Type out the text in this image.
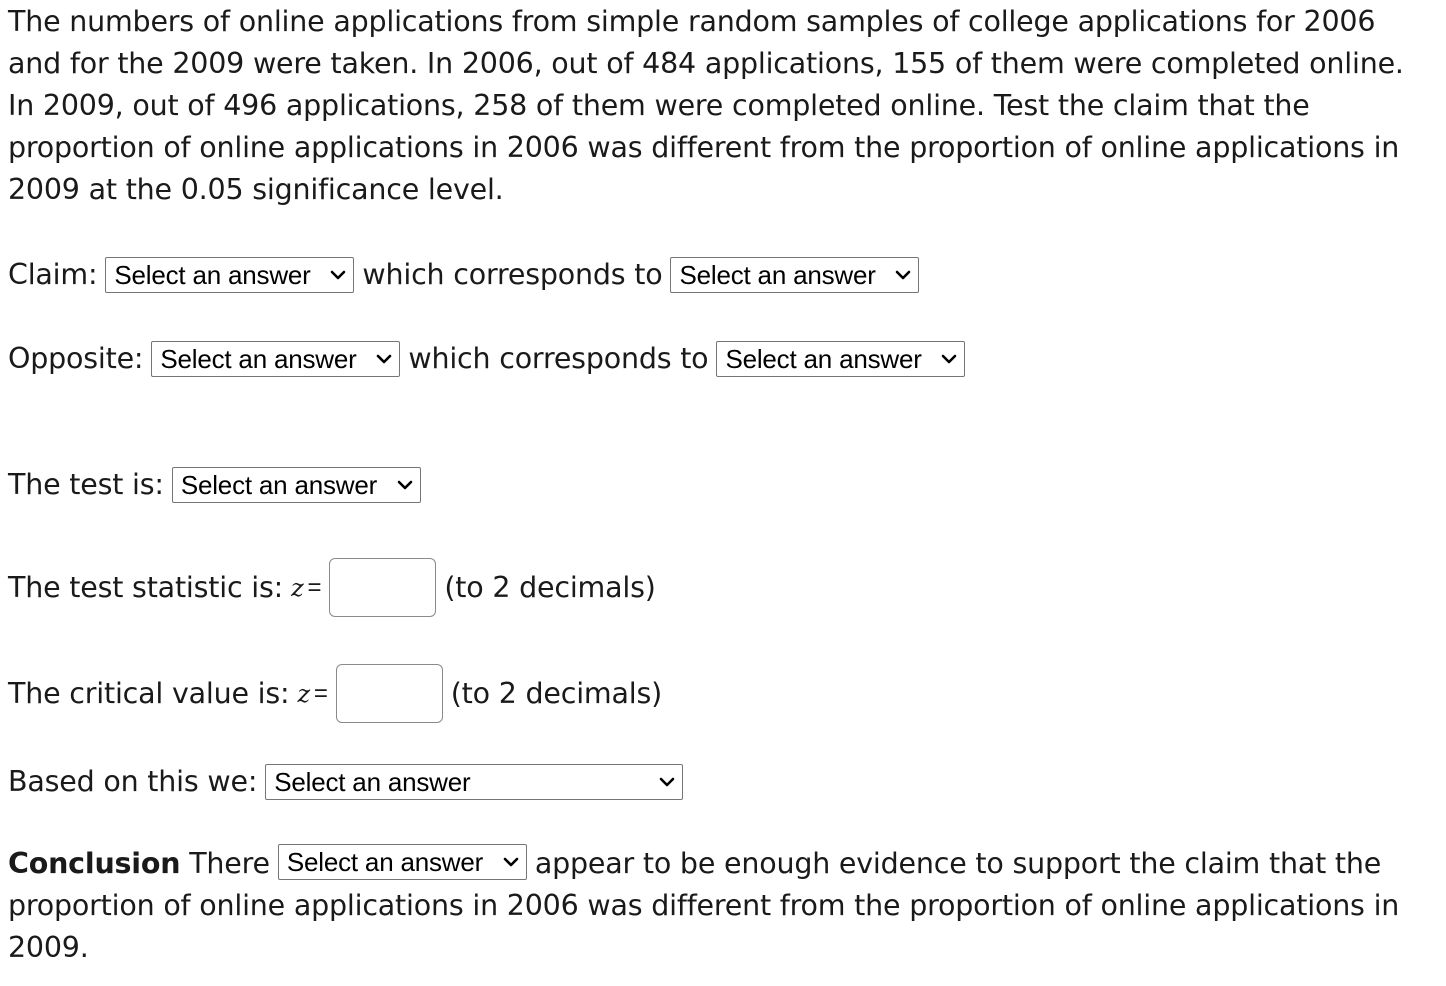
The numbers of online applications from simple random samples of college applications for 2006 and for the 2009 were taken. In 2006, out of 484 applications, 155 of them were completed online. In 2009, out of 496 applications, 258 of them were completed online. Test the claim that the proportion of online applications in 2006 was different from the proportion of online applications in 2009 at the 0.05 significance level.

Claim: Select an answer which corresponds to Select an answer
Opposite: Select an answer which corresponds to Select an answer
The test is: Select an answer
The test statistic is: z =	(to 2 decimals)
The critical value is: z =	(to 2 decimals)
Based on this we: Select an answer
Conclusion There Select an answer appear to be enough evidence to support the claim that the proportion of online applications in 2006 was different from the proportion of online applications in 2009.
